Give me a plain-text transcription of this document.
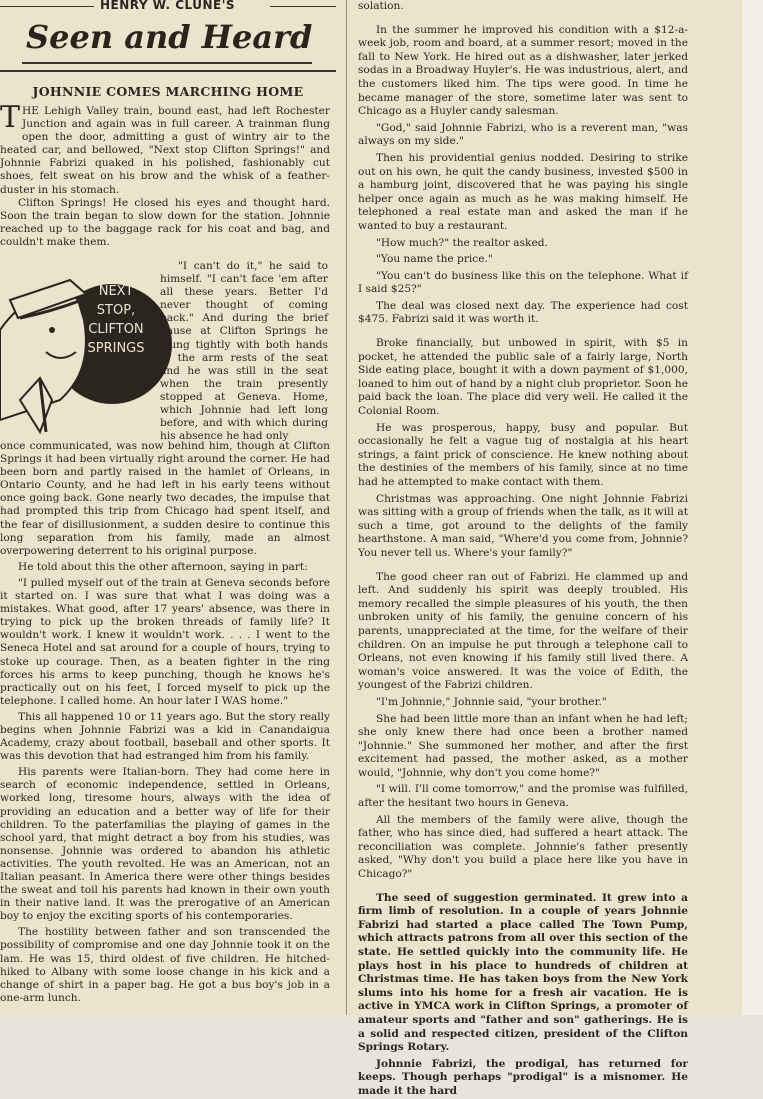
HENRY W. CLUNE'S
Seen and Heard
JOHNNIE COMES MARCHING HOME

THE Lehigh Valley train, bound east, had left Rochester Junction and again was in full career. A trainman flung open the door, admitting a gust of wintry air to the heated car, and bellowed, "Next stop Clifton Springs!" and Johnnie Fabrizi quaked in his polished, fashionably cut shoes, felt sweat on his brow and the whisk of a feather-duster in his stomach.

Clifton Springs! He closed his eyes and thought hard. Soon the train began to slow down for the station. Johnnie reached up to the baggage rack for his coat and bag, and couldn't make them.

NEXT
STOP,
CLIFTON
SPRINGS

"I can't do it," he said to himself. "I can't face 'em after all these years. Better I'd never thought of coming back." And during the brief pause at Clifton Springs he clung tightly with both hands to the arm rests of the seat and he was still in the seat when the train presently stopped at Geneva. Home, which Johnnie had left long before, and with which during his absence he had only

once communicated, was now behind him, though at Clifton Springs it had been virtually right around the corner. He had been born and partly raised in the hamlet of Orleans, in Ontario County, and he had left in his early teens without once going back. Gone nearly two decades, the impulse that had prompted this trip from Chicago had spent itself, and the fear of disillusionment, a sudden desire to continue this long separation from his family, made an almost overpowering deterrent to his original purpose.

He told about this the other afternoon, saying in part:

"I pulled myself out of the train at Geneva seconds before it started on. I was sure that what I was doing was a mistakes. What good, after 17 years' absence, was there in trying to pick up the broken threads of family life? It wouldn't work. I knew it wouldn't work. . . . I went to the Seneca Hotel and sat around for a couple of hours, trying to stoke up courage. Then, as a beaten fighter in the ring forces his arms to keep punching, though he knows he's practically out on his feet, I forced myself to pick up the telephone. I called home. An hour later I WAS home."

This all happened 10 or 11 years ago. But the story really begins when Johnnie Fabrizi was a kid in Canandaigua Academy, crazy about football, baseball and other sports. It was this devotion that had estranged him from his family.

His parents were Italian-born. They had come here in search of economic independence, settled in Orleans, worked long, tiresome hours, always with the idea of providing an education and a better way of life for their children. To the paterfamilias the playing of games in the school yard, that might detract a boy from his studies, was nonsense. Johnnie was ordered to abandon his athletic activities. The youth revolted. He was an American, not an Italian peasant. In America there were other things besides the sweat and toil his parents had known in their own youth in their native land. It was the prerogative of an American boy to enjoy the exciting sports of his contemporaries.

The hostility between father and son transcended the possibility of compromise and one day Johnnie took it on the lam. He was 15, third oldest of five children. He hitched-hiked to Albany with some loose change in his kick and a change of shirt in a paper bag. He got a bus boy's job in a one-arm lunch.

solation.

In the summer he improved his condition with a $12-a-week job, room and board, at a summer resort; moved in the fall to New York. He hired out as a dishwasher, later jerked sodas in a Broadway Huyler's. He was industrious, alert, and the customers liked him. The tips were good. In time he became manager of the store, sometime later was sent to Chicago as a Huyler candy salesman.

"God," said Johnnie Fabrizi, who is a reverent man, "was always on my side."

Then his providential genius nodded. Desiring to strike out on his own, he quit the candy business, invested $500 in a hamburg joint, discovered that he was paying his single helper once again as much as he was making himself. He telephoned a real estate man and asked the man if he wanted to buy a restaurant.

"How much?" the realtor asked.

"You name the price."

"You can't do business like this on the telephone. What if I said $25?"

The deal was closed next day. The experience had cost $475. Fabrizi said it was worth it.

Broke financially, but unbowed in spirit, with $5 in pocket, he attended the public sale of a fairly large, North Side eating place, bought it with a down payment of $1,000, loaned to him out of hand by a night club proprietor. Soon he paid back the loan. The place did very well. He called it the Colonial Room.

He was prosperous, happy, busy and popular. But occasionally he felt a vague tug of nostalgia at his heart strings, a faint prick of conscience. He knew nothing about the destinies of the members of his family, since at no time had he attempted to make contact with them.

Christmas was approaching. One night Johnnie Fabrizi was sitting with a group of friends when the talk, as it will at such a time, got around to the delights of the family hearthstone. A man said, "Where'd you come from, Johnnie? You never tell us. Where's your family?"

The good cheer ran out of Fabrizi. He clammed up and left. And suddenly his spirit was deeply troubled. His memory recalled the simple pleasures of his youth, the then unbroken unity of his family, the genuine concern of his parents, unappreciated at the time, for the welfare of their children. On an impulse he put through a telephone call to Orleans, not even knowing if his family still lived there. A woman's voice answered. It was the voice of Edith, the youngest of the Fabrizi children.

"I'm Johnnie," Johnnie said, "your brother."

She had been little more than an infant when he had left; she only knew there had once been a brother named "Johnnie." She summoned her mother, and after the first excitement had passed, the mother asked, as a mother would, "Johnnie, why don't you come home?"

"I will. I'll come tomorrow," and the promise was fulfilled, after the hesitant two hours in Geneva.

All the members of the family were alive, though the father, who has since died, had suffered a heart attack. The reconciliation was complete. Johnnie's father presently asked, "Why don't you build a place here like you have in Chicago?"

The seed of suggestion germinated. It grew into a firm limb of resolution. In a couple of years Johnnie Fabrizi had started a place called The Town Pump, which attracts patrons from all over this section of the state. He settled quickly into the community life. He plays host in his place to hundreds of children at Christmas time. He has taken boys from the New York slums into his home for a fresh air vacation. He is active in YMCA work in Clifton Springs, a promoter of amateur sports and "father and son" gatherings. He is a solid and respected citizen, president of the Clifton Springs Rotary.

Johnnie Fabrizi, the prodigal, has returned for keeps. Though perhaps "prodigal" is a misnomer. He made it the hard
